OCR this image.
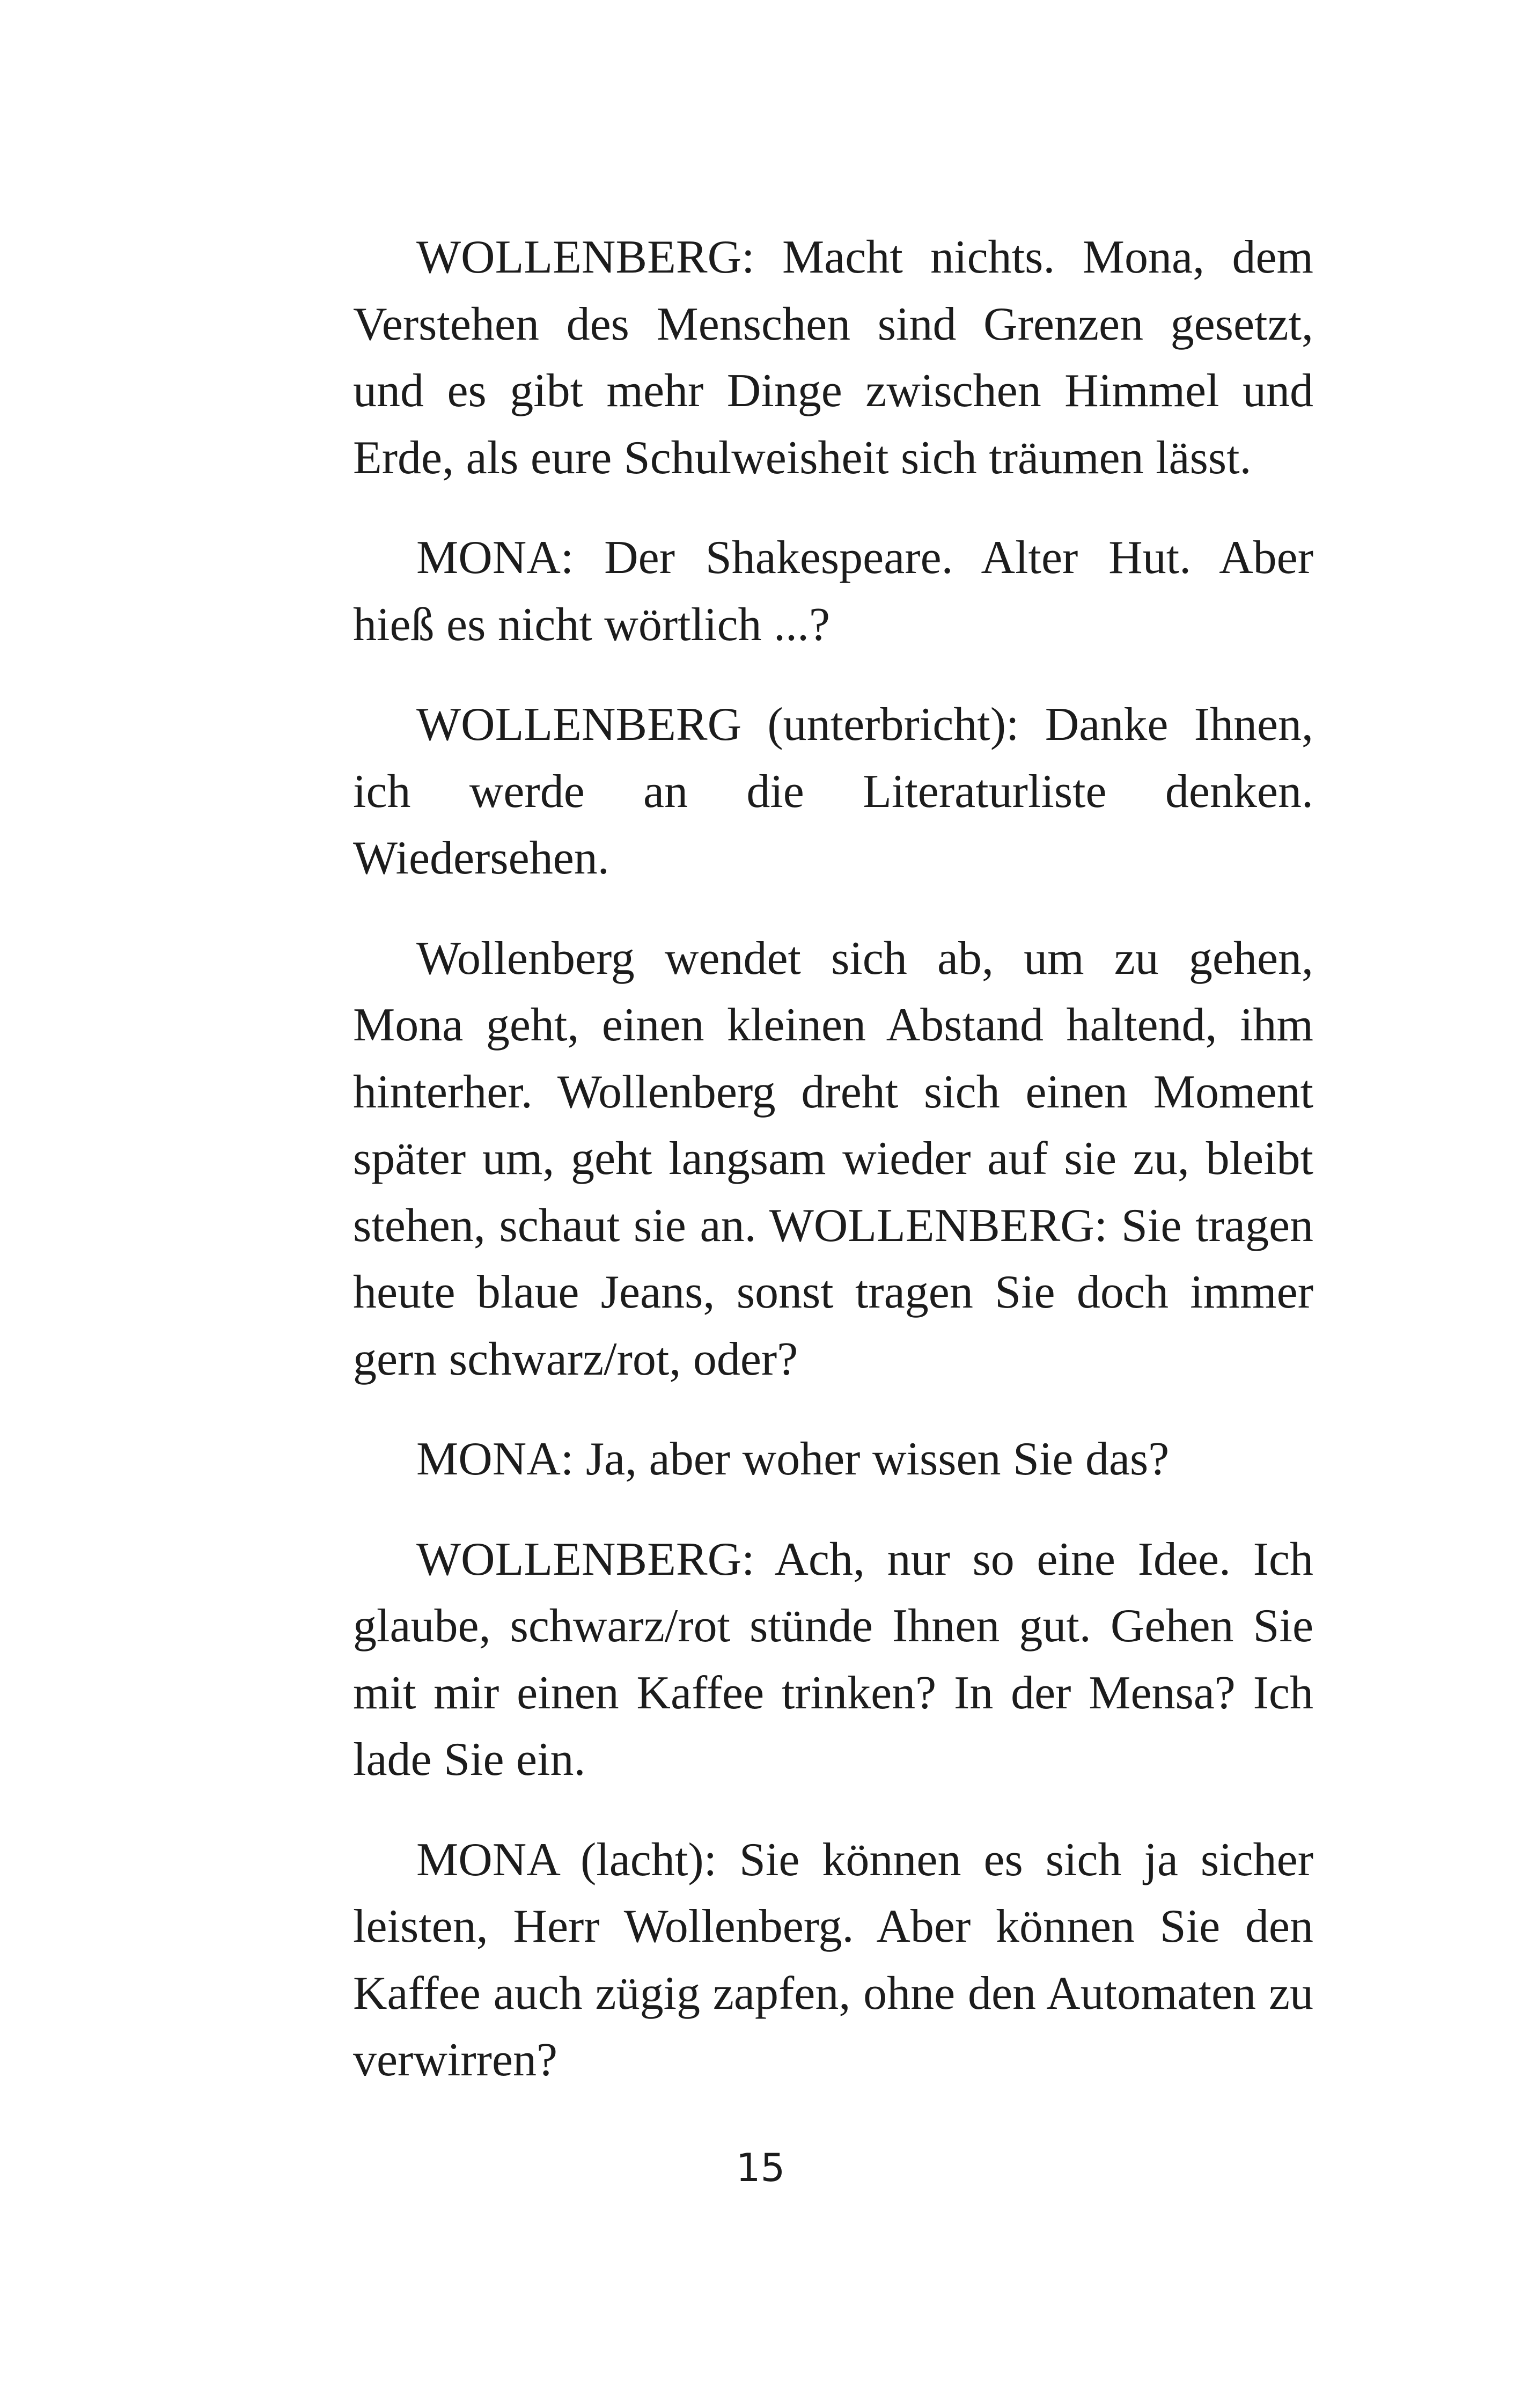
WOLLENBERG: Macht nichts. Mona, dem Verstehen des Menschen sind Grenzen gesetzt, und es gibt mehr Dinge zwischen Himmel und Erde, als eure Schulweisheit sich träumen lässt.

MONA: Der Shakespeare. Alter Hut. Aber hieß es nicht wörtlich ...?

WOLLENBERG (unterbricht): Danke Ihnen, ich werde an die Literaturliste denken. Wiedersehen.

Wollenberg wendet sich ab, um zu gehen, Mona geht, einen kleinen Abstand haltend, ihm hinterher. Wollenberg dreht sich einen Moment später um, geht langsam wieder auf sie zu, bleibt stehen, schaut sie an. WOLLENBERG: Sie tragen heute blaue Jeans, sonst tragen Sie doch immer gern schwarz/rot, oder?

MONA: Ja, aber woher wissen Sie das?

WOLLENBERG: Ach, nur so eine Idee. Ich glaube, schwarz/rot stünde Ihnen gut. Gehen Sie mit mir einen Kaffee trinken? In der Mensa? Ich lade Sie ein.

MONA (lacht): Sie können es sich ja sicher leisten, Herr Wollenberg. Aber können Sie den Kaffee auch zügig zapfen, ohne den Automaten zu verwirren?

15
